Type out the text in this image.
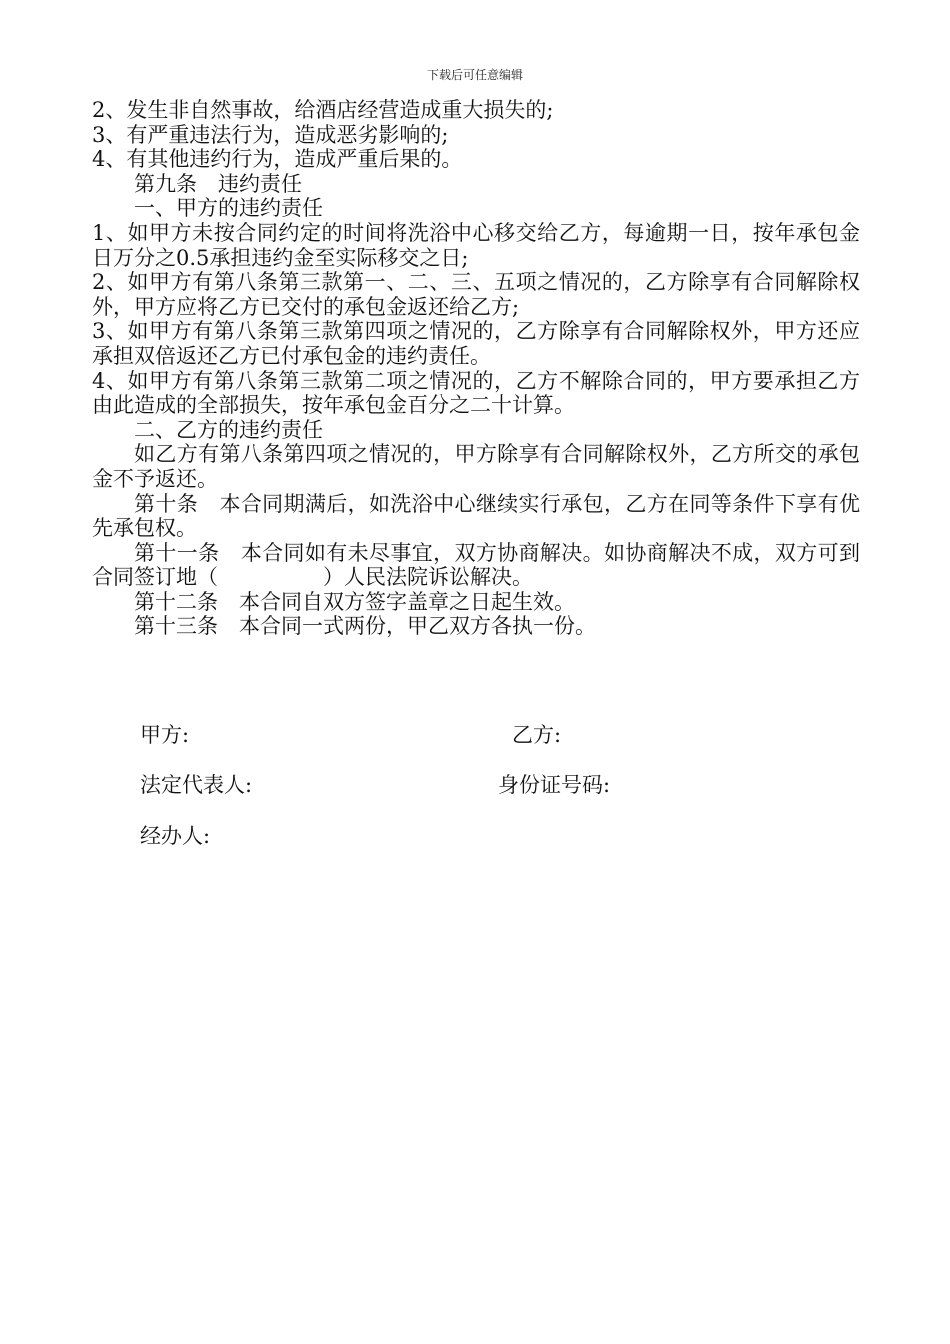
下载后可任意编辑

2、发生非自然事故，给酒店经营造成重大损失的;

3、有严重违法行为，造成恶劣影响的;

4、有其他违约行为，造成严重后果的。

第九条　违约责任

一、甲方的违约责任

1、如甲方未按合同约定的时间将洗浴中心移交给乙方，每逾期一日，按年承包金日万分之0.5承担违约金至实际移交之日;

2、如甲方有第八条第三款第一、二、三、五项之情况的，乙方除享有合同解除权外，甲方应将乙方已交付的承包金返还给乙方;

3、如甲方有第八条第三款第四项之情况的，乙方除享有合同解除权外，甲方还应承担双倍返还乙方已付承包金的违约责任。

4、如甲方有第八条第三款第二项之情况的，乙方不解除合同的，甲方要承担乙方由此造成的全部损失，按年承包金百分之二十计算。

二、乙方的违约责任

如乙方有第八条第四项之情况的，甲方除享有合同解除权外，乙方所交的承包金不予返还。

第十条　本合同期满后，如洗浴中心继续实行承包，乙方在同等条件下享有优先承包权。

第十一条　本合同如有未尽事宜，双方协商解决。如协商解决不成，双方可到合同签订地（　　　　　）人民法院诉讼解决。

第十二条　本合同自双方签字盖章之日起生效。

第十三条　本合同一式两份，甲乙双方各执一份。

甲方:	乙方:
法定代表人:	身份证号码:
经办人:
